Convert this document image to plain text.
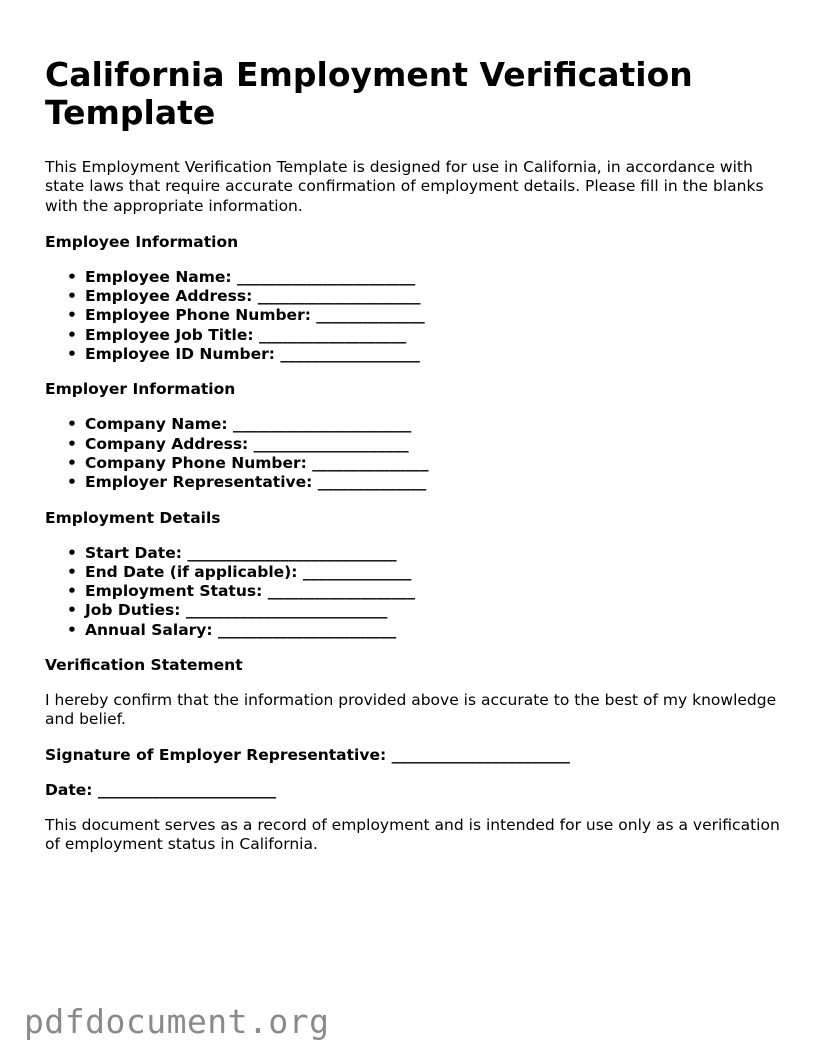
California Employment Verification Template

This Employment Verification Template is designed for use in California, in accordance with state laws that require accurate confirmation of employment details. Please fill in the blanks with the appropriate information.

Employee Information
• Employee Name: _______________________
• Employee Address: _____________________
• Employee Phone Number: ______________
• Employee Job Title: ___________________
• Employee ID Number: __________________
Employer Information
• Company Name: _______________________
• Company Address: ____________________
• Company Phone Number: _______________
• Employer Representative: ______________
Employment Details
• Start Date: ___________________________
• End Date (if applicable): ______________
• Employment Status: ___________________
• Job Duties: __________________________
• Annual Salary: _______________________
Verification Statement

I hereby confirm that the information provided above is accurate to the best of my knowledge and belief.

Signature of Employer Representative: _______________________
Date: _______________________

This document serves as a record of employment and is intended for use only as a verification of employment status in California.

pdfdocument.org
